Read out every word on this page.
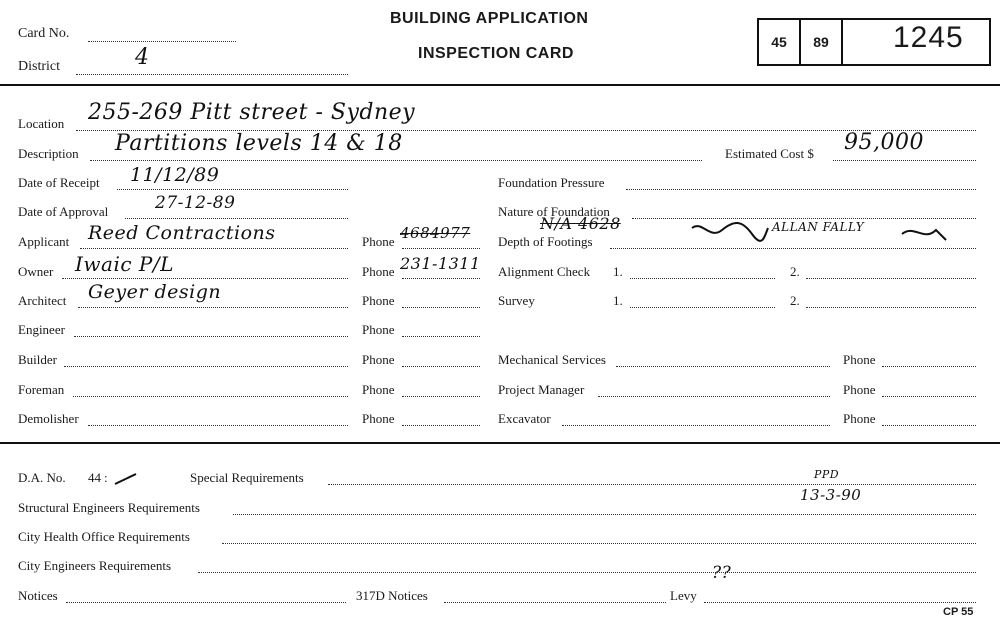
Card No.
District	4
BUILDING APPLICATION
INSPECTION CARD
45	89	1245
Location 255-269 Pitt street - Sydney
Description Partitions levels 14 & 18	Estimated Cost $ 95,000
Date of Receipt 11/12/89
Date of Approval	27-12-89
Applicant Reed Contractions	Phone 4684977
Owner Iwaic P/L	Phone 231-1311
Architect Geyer design	Phone
Engineer	Phone
Builder	Phone
Foreman	Phone
Demolisher	Phone
Foundation Pressure
Nature of Foundation
Depth of Footings
N/A 4628	ALLAN FALLY
Alignment Check 1.	2.
Survey	1.	2.
Mechanical Services	Phone
Project Manager	Phone
Excavator	Phone
D.A. No. 44 :	Special Requirements	PPD
Structural Engineers Requirements
13-3-90
City Health Office Requirements
City Engineers Requirements
Notices	317D Notices	Levy
??
CP 55
